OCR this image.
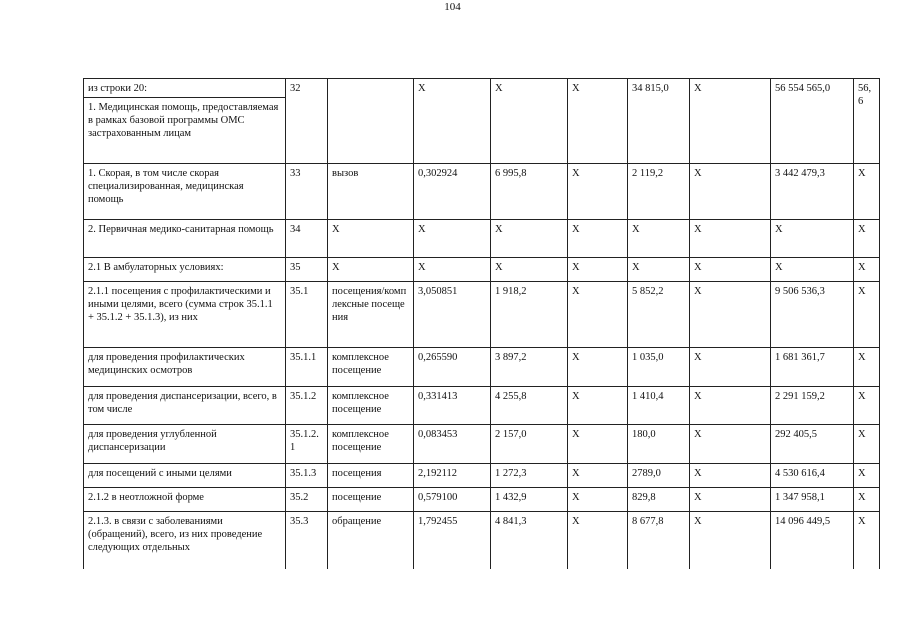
104
из строки 20:	32		X	X	X	34 815,0	X	56 554 565,0	56,6
1. Медицинская помощь, предоставляемая в рамках базовой программы ОМС застрахованным лицам									
1. Скорая, в том числе скорая специализированная, медицинская помощь	33	вызов	0,302924	6 995,8	X	2 119,2	X	3 442 479,3	X
2. Первичная медико-санитарная помощь	34	X	X	X	X	X	X	X	X
2.1 В амбулаторных условиях:	35	X	X	X	X	X	X	X	X
2.1.1 посещения с профилактическими и иными целями, всего (сумма строк 35.1.1 + 35.1.2 + 35.1.3), из них	35.1	посещения/комплексные посещения	3,050851	1 918,2	X	5 852,2	X	9 506 536,3	X
для проведения профилактических медицинских осмотров	35.1.1	комплексное посещение	0,265590	3 897,2	X	1 035,0	X	1 681 361,7	X
для проведения диспансеризации, всего, в том числе	35.1.2	комплексное посещение	0,331413	4 255,8	X	1 410,4	X	2 291 159,2	X
для проведения углубленной диспансеризации	35.1.2.1	комплексное посещение	0,083453	2 157,0	X	180,0	X	292 405,5	X
для посещений с иными целями	35.1.3	посещения	2,192112	1 272,3	X	2789,0	X	4 530 616,4	X
2.1.2 в неотложной форме	35.2	посещение	0,579100	1 432,9	X	829,8	X	1 347 958,1	X

2.1.3. в связи с заболеваниями (обращений), всего, из них проведение следующих отдельных	35.3	обращение	1,792455	4 841,3	X	8 677,8	X	14 096 449,5	X
